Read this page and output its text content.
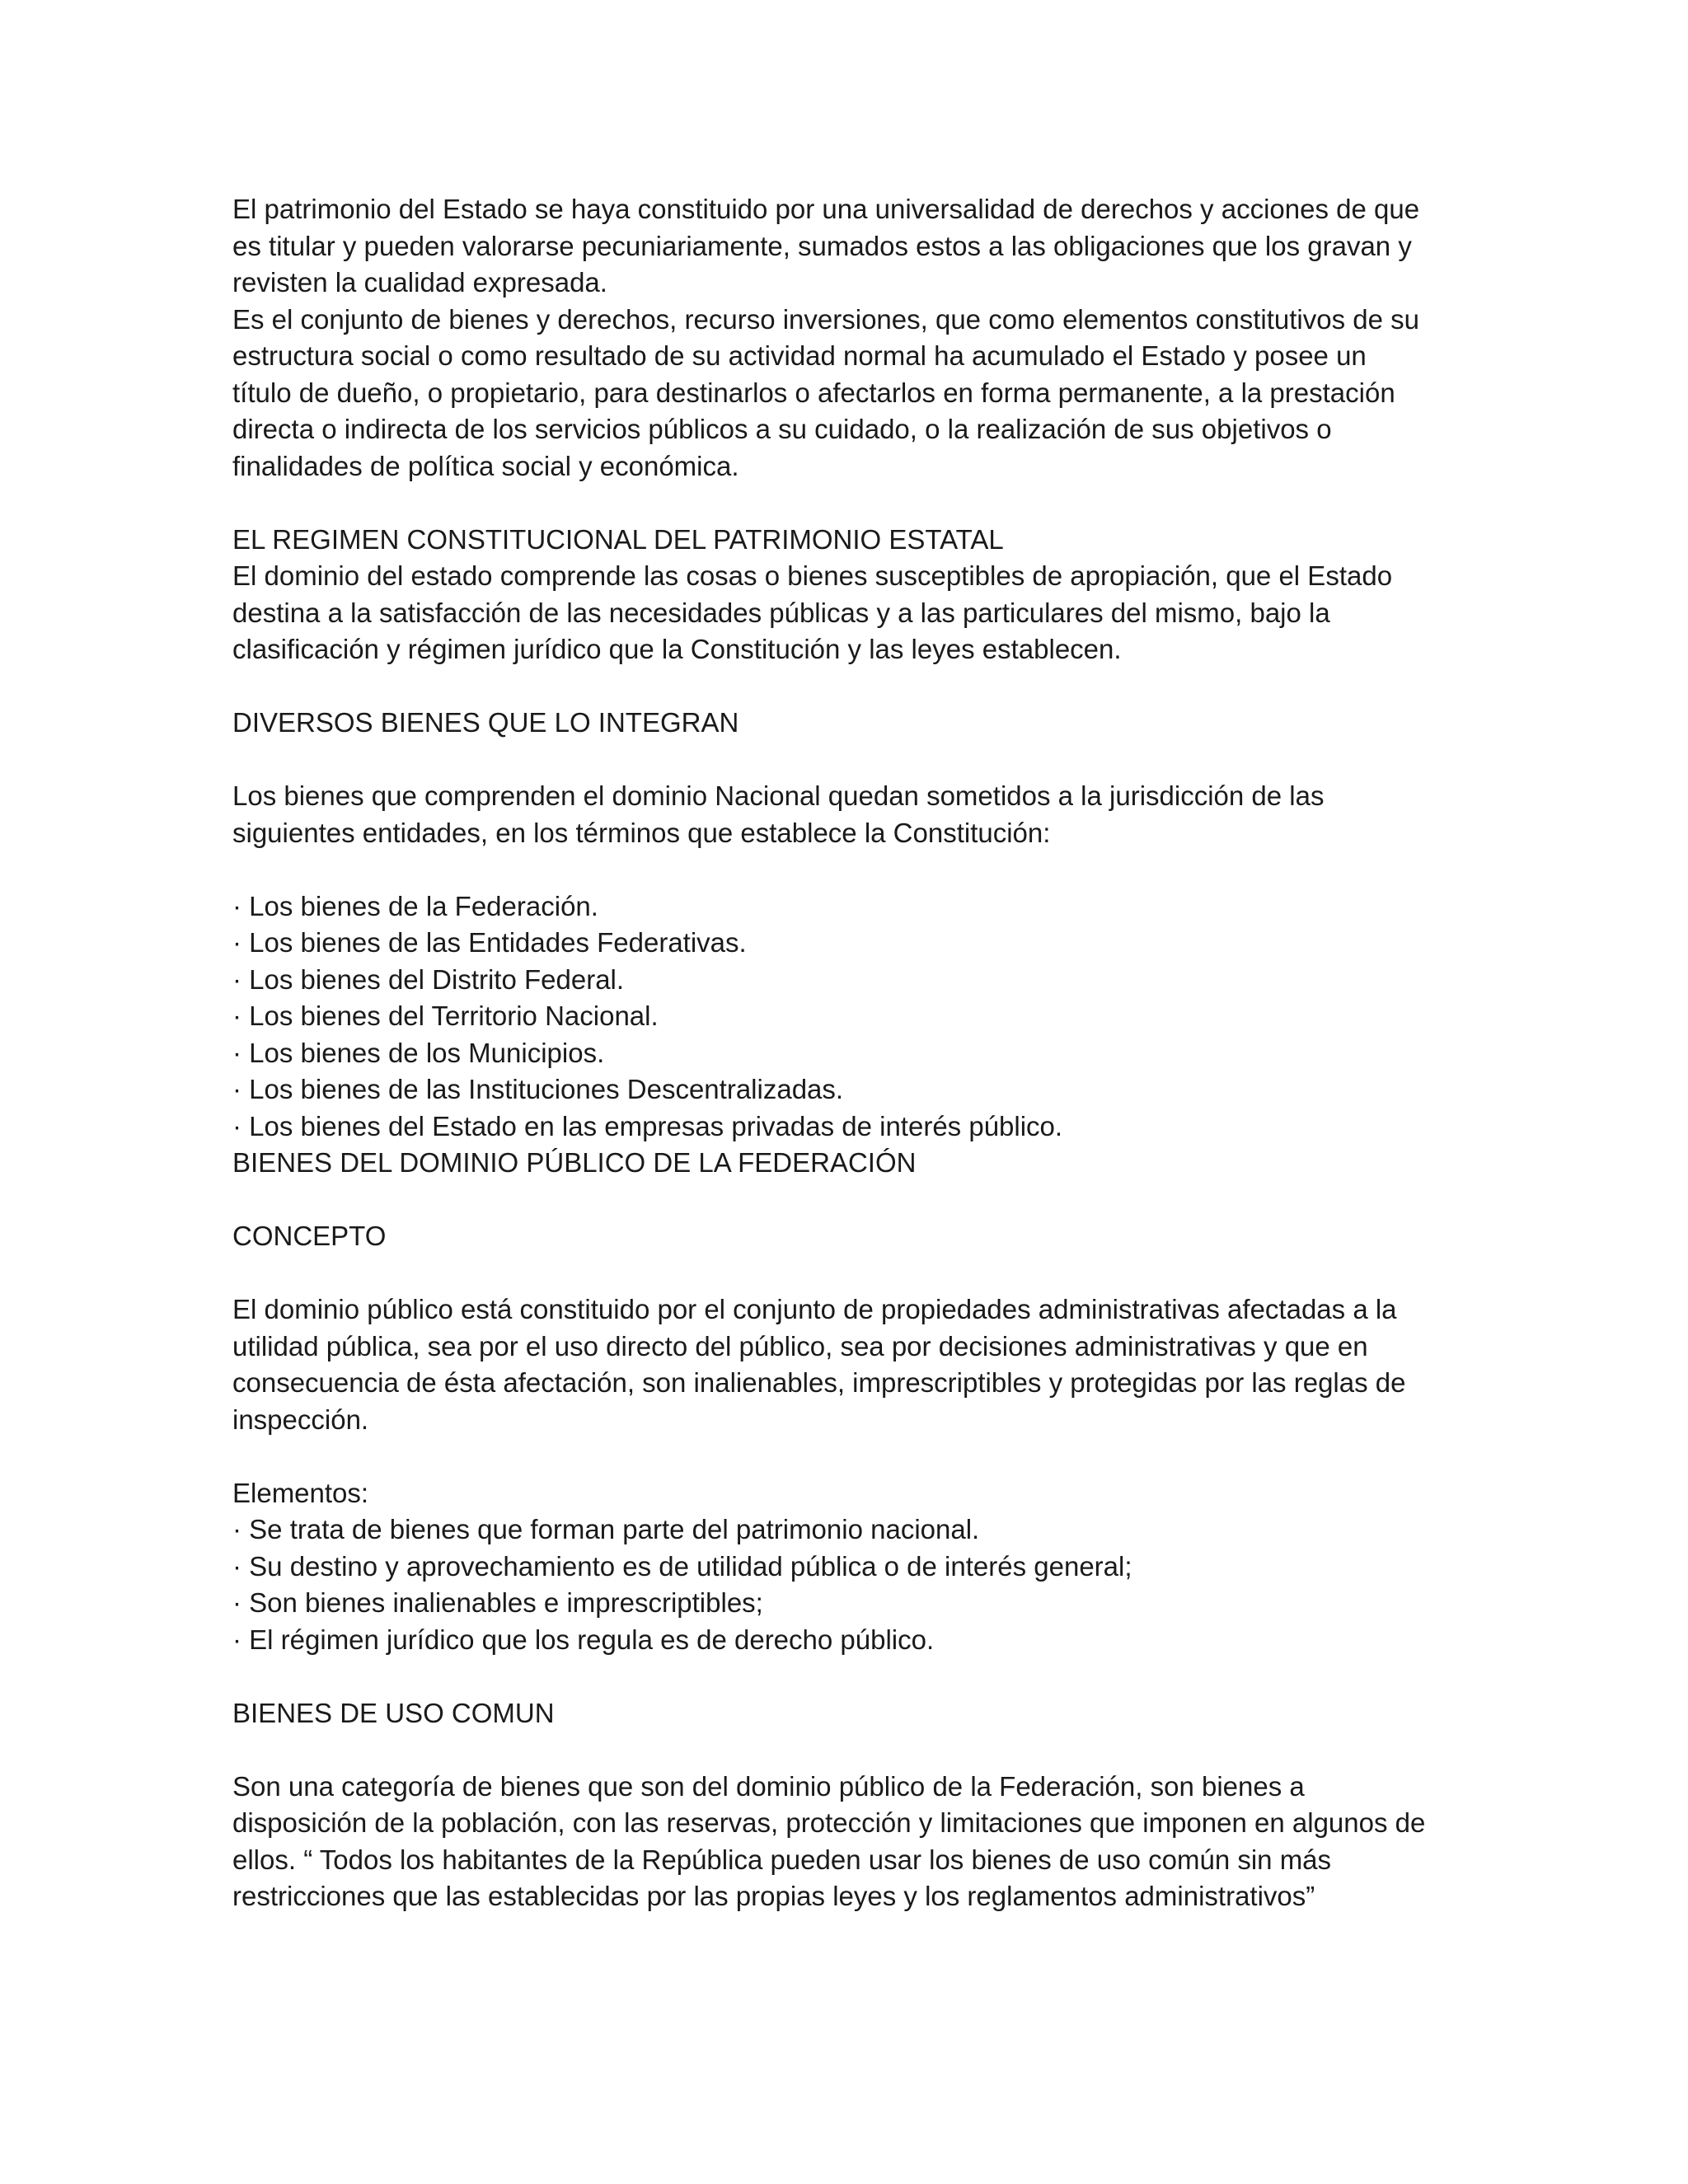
El patrimonio del Estado se haya constituido por una universalidad de derechos y acciones de que
es titular y pueden valorarse pecuniariamente, sumados estos a las obligaciones que los gravan y
revisten la cualidad expresada.
Es el conjunto de bienes y derechos, recurso inversiones, que como elementos constitutivos de su
estructura social o como resultado de su actividad normal ha acumulado el Estado y posee un
título de dueño, o propietario, para destinarlos o afectarlos en forma permanente, a la prestación
directa o indirecta de los servicios públicos a su cuidado, o la realización de sus objetivos o
finalidades de política social y económica.
EL REGIMEN CONSTITUCIONAL DEL PATRIMONIO ESTATAL
El dominio del estado comprende las cosas o bienes susceptibles de apropiación, que el Estado
destina a la satisfacción de las necesidades públicas y a las particulares del mismo, bajo la
clasificación y régimen jurídico que la Constitución y las leyes establecen.
DIVERSOS BIENES QUE LO INTEGRAN
Los bienes que comprenden el dominio Nacional quedan sometidos a la jurisdicción de las
siguientes entidades, en los términos que establece la Constitución:
· Los bienes de la Federación.
· Los bienes de las Entidades Federativas.
· Los bienes del Distrito Federal.
· Los bienes del Territorio Nacional.
· Los bienes de los Municipios.
· Los bienes de las Instituciones Descentralizadas.
· Los bienes del Estado en las empresas privadas de interés público.
BIENES DEL DOMINIO PÚBLICO DE LA FEDERACIÓN
CONCEPTO
El dominio público está constituido por el conjunto de propiedades administrativas afectadas a la
utilidad pública, sea por el uso directo del público, sea por decisiones administrativas y que en
consecuencia de ésta afectación, son inalienables, imprescriptibles y protegidas por las reglas de
inspección.
Elementos:
· Se trata de bienes que forman parte del patrimonio nacional.
· Su destino y aprovechamiento es de utilidad pública o de interés general;
· Son bienes inalienables e imprescriptibles;
· El régimen jurídico que los regula es de derecho público.
BIENES DE USO COMUN
Son una categoría de bienes que son del dominio público de la Federación, son bienes a
disposición de la población, con las reservas, protección y limitaciones que imponen en algunos de
ellos. “ Todos los habitantes de la República pueden usar los bienes de uso común sin más
restricciones que las establecidas por las propias leyes y los reglamentos administrativos”
